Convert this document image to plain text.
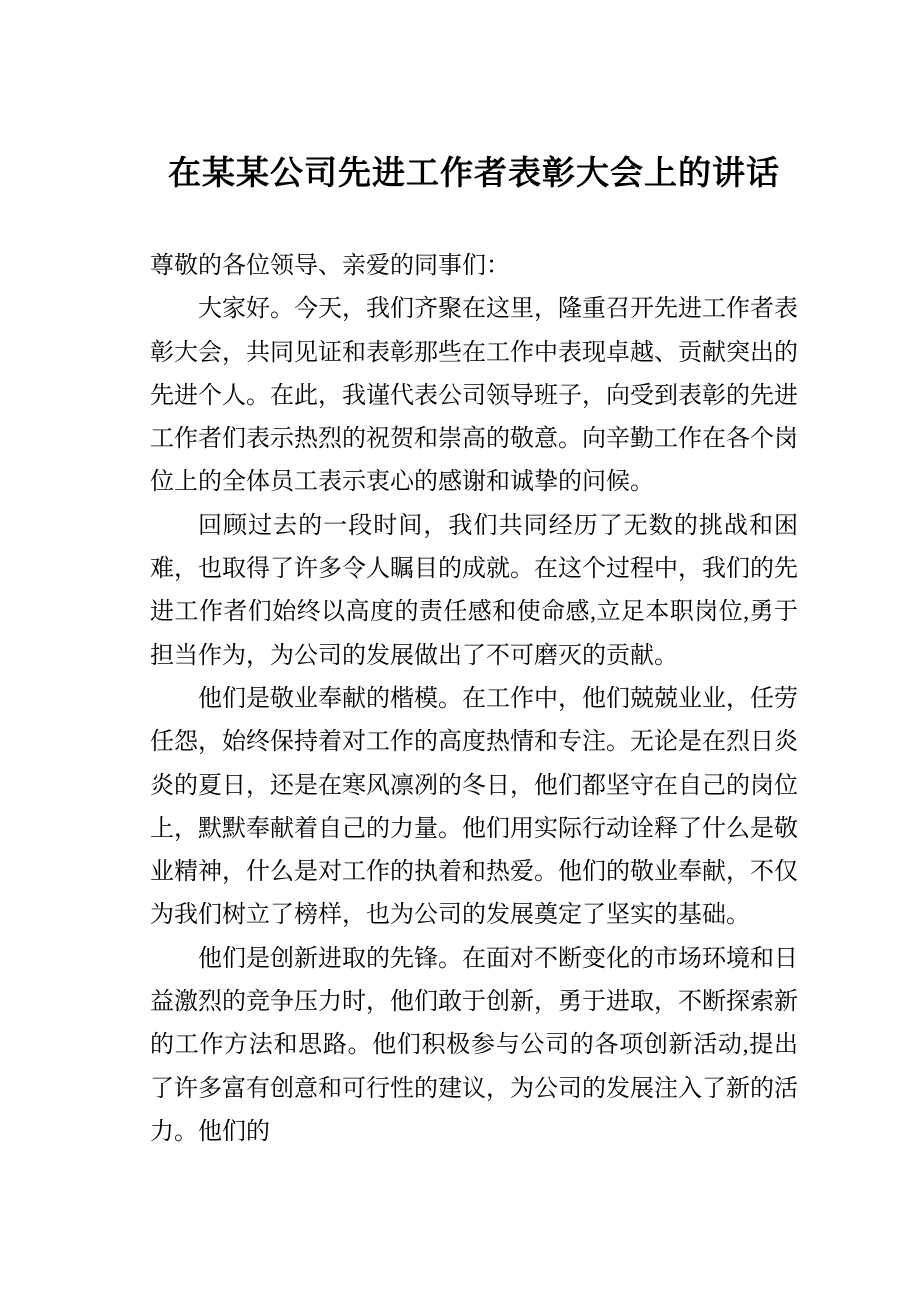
在某某公司先进工作者表彰大会上的讲话

尊敬的各位领导、亲爱的同事们：

大家好。今天，我们齐聚在这里，隆重召开先进工作者表彰大会，共同见证和表彰那些在工作中表现卓越、贡献突出的先进个人。在此，我谨代表公司领导班子，向受到表彰的先进工作者们表示热烈的祝贺和崇高的敬意。向辛勤工作在各个岗位上的全体员工表示衷心的感谢和诚挚的问候。

回顾过去的一段时间，我们共同经历了无数的挑战和困难，也取得了许多令人瞩目的成就。在这个过程中，我们的先进工作者们始终以高度的责任感和使命感,立足本职岗位,勇于担当作为，为公司的发展做出了不可磨灭的贡献。

他们是敬业奉献的楷模。在工作中，他们兢兢业业，任劳任怨，始终保持着对工作的高度热情和专注。无论是在烈日炎炎的夏日，还是在寒风凛冽的冬日，他们都坚守在自己的岗位上，默默奉献着自己的力量。他们用实际行动诠释了什么是敬业精神，什么是对工作的执着和热爱。他们的敬业奉献，不仅为我们树立了榜样，也为公司的发展奠定了坚实的基础。

他们是创新进取的先锋。在面对不断变化的市场环境和日益激烈的竞争压力时，他们敢于创新，勇于进取，不断探索新的工作方法和思路。他们积极参与公司的各项创新活动,提出了许多富有创意和可行性的建议，为公司的发展注入了新的活力。他们的
